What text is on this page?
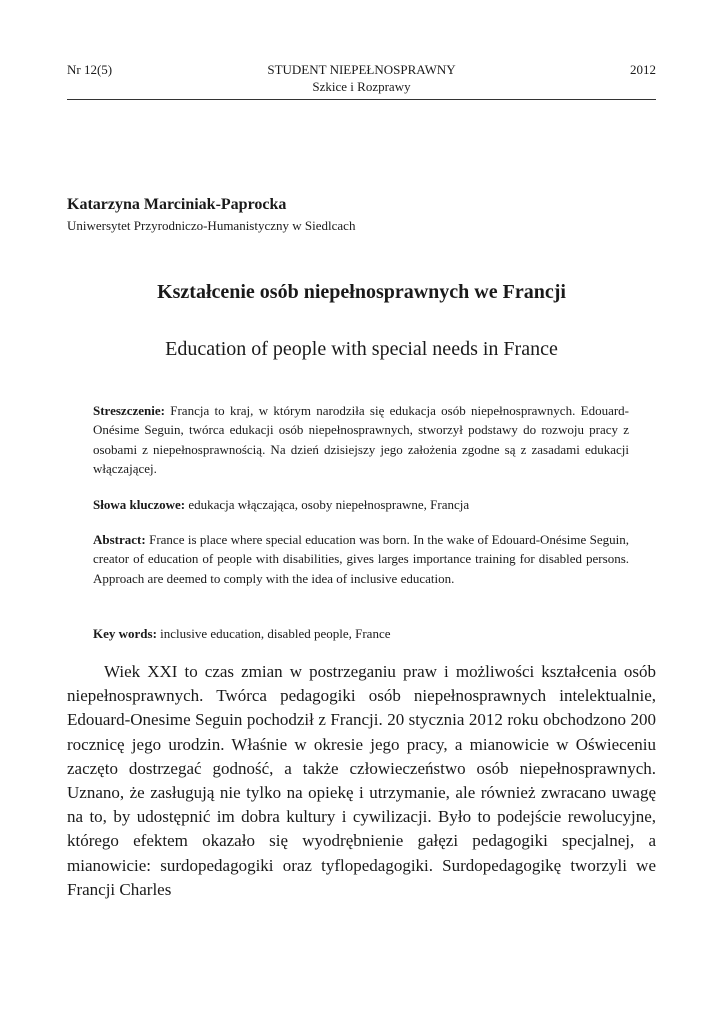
Nr 12(5)	STUDENT NIEPEŁNOSPRAWNY
Szkice i Rozprawy
2012
Katarzyna Marciniak-Paprocka
Uniwersytet Przyrodniczo-Humanistyczny w Siedlcach
Kształcenie osób niepełnosprawnych we Francji
Education of people with special needs in France
Streszczenie: Francja to kraj, w którym narodziła się edukacja osób niepełnosprawnych. Edouard-Onésime Seguin, twórca edukacji osób niepełnosprawnych, stworzył podstawy do rozwoju pracy z osobami z niepełnosprawnością. Na dzień dzisiejszy jego założenia zgodne są z zasadami edukacji włączającej.
Słowa kluczowe: edukacja włączająca, osoby niepełnosprawne, Francja
Abstract: France is place where special education was born. In the wake of Edouard-Onésime Seguin, creator of education of people with disabilities, gives larges importance training for disabled persons. Approach are deemed to comply with the idea of inclusive education.
Key words: inclusive education, disabled people, France

Wiek XXI to czas zmian w postrzeganiu praw i możliwości kształcenia osób niepełnosprawnych. Twórca pedagogiki osób niepełnosprawnych intelektualnie, Edouard-Onesime Seguin pochodził z Francji. 20 stycznia 2012 roku obchodzono 200 rocznicę jego urodzin. Właśnie w okresie jego pracy, a mianowicie w Oświeceniu zaczęto dostrzegać godność, a także człowieczeństwo osób niepełnosprawnych. Uznano, że zasługują nie tylko na opiekę i utrzymanie, ale również zwracano uwagę na to, by udostępnić im dobra kultury i cywilizacji. Było to podejście rewolucyjne, którego efektem okazało się wyodrębnienie gałęzi pedagogiki specjalnej, a mianowicie: surdopedagogiki oraz tyflopedagogiki. Surdopedagogikę tworzyli we Francji Charles
